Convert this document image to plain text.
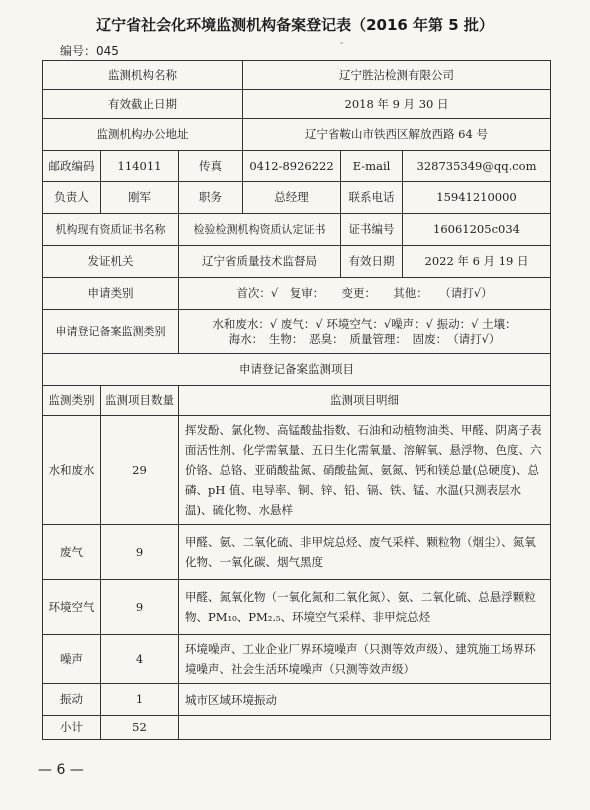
辽宁省社会化环境监测机构备案登记表（2016 年第 5 批）
编号：045
-
监测机构名称			辽宁胜沾检测有限公司		
有效截止日期			2018 年 9 月 30 日		
监测机构办公地址			辽宁省鞍山市铁西区解放西路 64 号		
邮政编码	114011	传真	0412-8926222	E-mail	328735349@qq.com
负责人	刚军	职务	总经理	联系电话	15941210000
机构现有资质证书名称		检验检测机构资质认定证书		证书编号	16061205c034
发证机关		辽宁省质量技术监督局		有效日期	2022 年 6 月 19 日
申请类别		首次：√　复审：　　变更：　　其他：　　（请打√）			
申请登记备案监测类别		水和废水：√ 废气：√ 环境空气：√噪声：√ 振动：√ 土壤：
海水：　生物：　恶臭：　质量管理：　固废：　（请打√）			

申请登记备案监测项目					
监测类别	监测项目数量	监测项目明细			
水和废水	29	挥发酚、氯化物、高锰酸盐指数、石油和动植物油类、甲醛、阴离子表面活性剂、化学需氧量、五日生化需氧量、溶解氧、悬浮物、色度、六价铬、总铬、亚硝酸盐氮、硝酸盐氮、氨氮、钙和镁总量(总硬度)、总磷、pH 值、电导率、铜、锌、铅、镉、铁、锰、水温(只测表层水温)、硫化物、水悬样			
废气	9	甲醛、氨、二氧化硫、非甲烷总烃、废气采样、颗粒物（烟尘）、氮氧化物、一氧化碳、烟气黑度			
环境空气	9	甲醛、氮氧化物（一氧化氮和二氧化氮）、氨、二氧化硫、总悬浮颗粒物、PM₁₀、PM₂.₅、环境空气采样、非甲烷总烃			
噪声	4	环境噪声、工业企业厂界环境噪声（只测等效声级）、建筑施工场界环境噪声、社会生活环境噪声（只测等效声级）			
振动	1	城市区域环境振动			
小计	52				
— 6 —
